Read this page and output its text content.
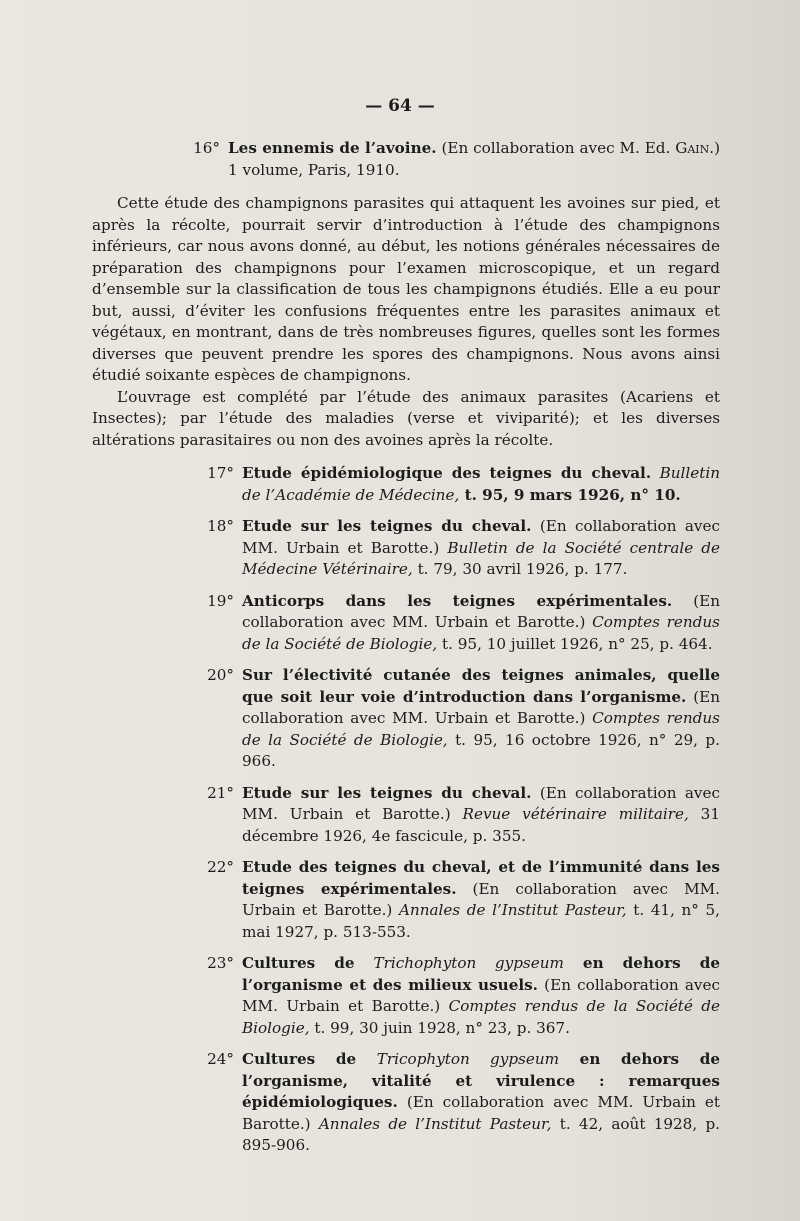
— 64 —
16° Les ennemis de l’avoine. (En collaboration avec M. Ed. Gain.) 1 volume, Paris, 1910.

Cette étude des champignons parasites qui attaquent les avoines sur pied, et après la récolte, pourrait servir d’introduction à l’étude des champignons inférieurs, car nous avons donné, au début, les notions générales nécessaires de préparation des champignons pour l’examen microscopique, et un regard d’ensemble sur la classification de tous les champignons étudiés. Elle a eu pour but, aussi, d’éviter les confusions fréquentes entre les parasites animaux et végétaux, en montrant, dans de très nombreuses figures, quelles sont les formes diverses que peuvent prendre les spores des champignons. Nous avons ainsi étudié soixante espèces de champignons.

L’ouvrage est complété par l’étude des animaux parasites (Acariens et Insectes); par l’étude des maladies (verse et viviparité); et les diverses altérations parasitaires ou non des avoines après la récolte.

17° Etude épidémiologique des teignes du cheval. Bulletin de l’Académie de Médecine, t. 95, 9 mars 1926, n° 10.
18° Etude sur les teignes du cheval. (En collaboration avec MM. Urbain et Barotte.) Bulletin de la Société centrale de Médecine Vétérinaire, t. 79, 30 avril 1926, p. 177.
19° Anticorps dans les teignes expérimentales. (En collaboration avec MM. Urbain et Barotte.) Comptes rendus de la Société de Biologie, t. 95, 10 juillet 1926, n° 25, p. 464.
20° Sur l’électivité cutanée des teignes animales, quelle que soit leur voie d’introduction dans l’organisme. (En collaboration avec MM. Urbain et Barotte.) Comptes rendus de la Société de Biologie, t. 95, 16 octobre 1926, n° 29, p. 966.
21° Etude sur les teignes du cheval. (En collaboration avec MM. Urbain et Barotte.) Revue vétérinaire militaire, 31 décembre 1926, 4e fascicule, p. 355.
22° Etude des teignes du cheval, et de l’immunité dans les teignes expérimentales. (En collaboration avec MM. Urbain et Barotte.) Annales de l’Institut Pasteur, t. 41, n° 5, mai 1927, p. 513-553.
23° Cultures de Trichophyton gypseum en dehors de l’organisme et des milieux usuels. (En collaboration avec MM. Urbain et Barotte.) Comptes rendus de la Société de Biologie, t. 99, 30 juin 1928, n° 23, p. 367.
24° Cultures de Tricophyton gypseum en dehors de l’organisme, vitalité et virulence : remarques épidémiologiques. (En collaboration avec MM. Urbain et Barotte.) Annales de l’Institut Pasteur, t. 42, août 1928, p. 895-906.
